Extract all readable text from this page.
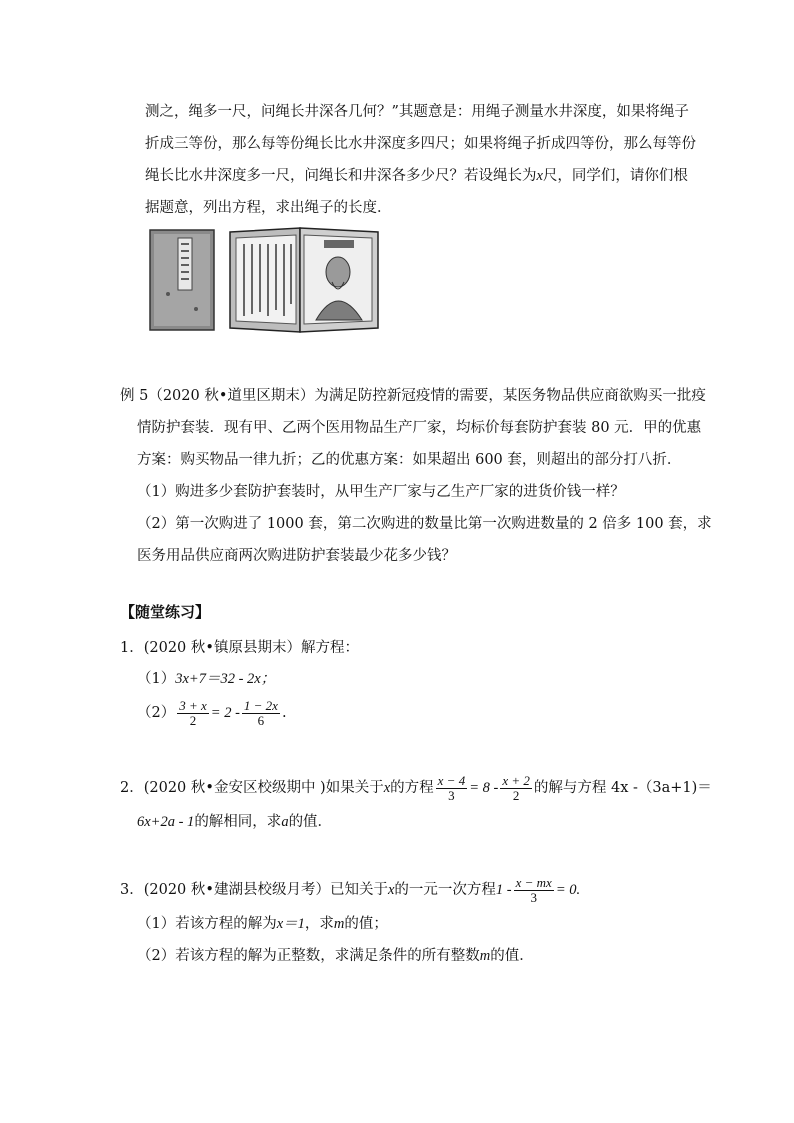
测之，绳多一尺，问绳长井深各几何？”其题意是：用绳子测量水井深度，如果将绳子
折成三等份，那么每等份绳长比水井深度多四尺；如果将绳子折成四等份，那么每等份
绳长比水井深度多一尺，问绳长和井深各多少尺？若设绳长为x尺，同学们，请你们根
据题意，列出方程，求出绳子的长度．
例 5（2020 秋•道里区期末）为满足防控新冠疫情的需要，某医务物品供应商欲购买一批疫
情防护套装．现有甲、乙两个医用物品生产厂家，均标价每套防护套装 80 元．甲的优惠
方案：购买物品一律九折；乙的优惠方案：如果超出 600 套，则超出的部分打八折．
（1）购进多少套防护套装时，从甲生产厂家与乙生产厂家的进货价钱一样？
（2）第一次购进了 1000 套，第二次购进的数量比第一次购进数量的 2 倍多 100 套，求
医务用品供应商两次购进防护套装最少花多少钱？
【随堂练习】
1．(2020 秋•镇原县期末）解方程：
（1）3x+7＝32 - 2x；
$(2) \frac{3 + x}{2} = 2 - \frac{1 - 2x}{6}$ .
2．(2020 秋•金安区校级期中 )如果关于x的方程 $\frac{x - 4}{3} = 8 - \frac{x + 2}{2}$ 的解与方程 4x -（3a+1)＝
6x+2a - 1的解相同，求a的值．
3．(2020 秋•建湖县校级月考）已知关于x的一元一次方程$1 - \frac{x - mx}{3} = 0$.
（1）若该方程的解为x＝1，求m的值；
（2）若该方程的解为正整数，求满足条件的所有整数m的值．
